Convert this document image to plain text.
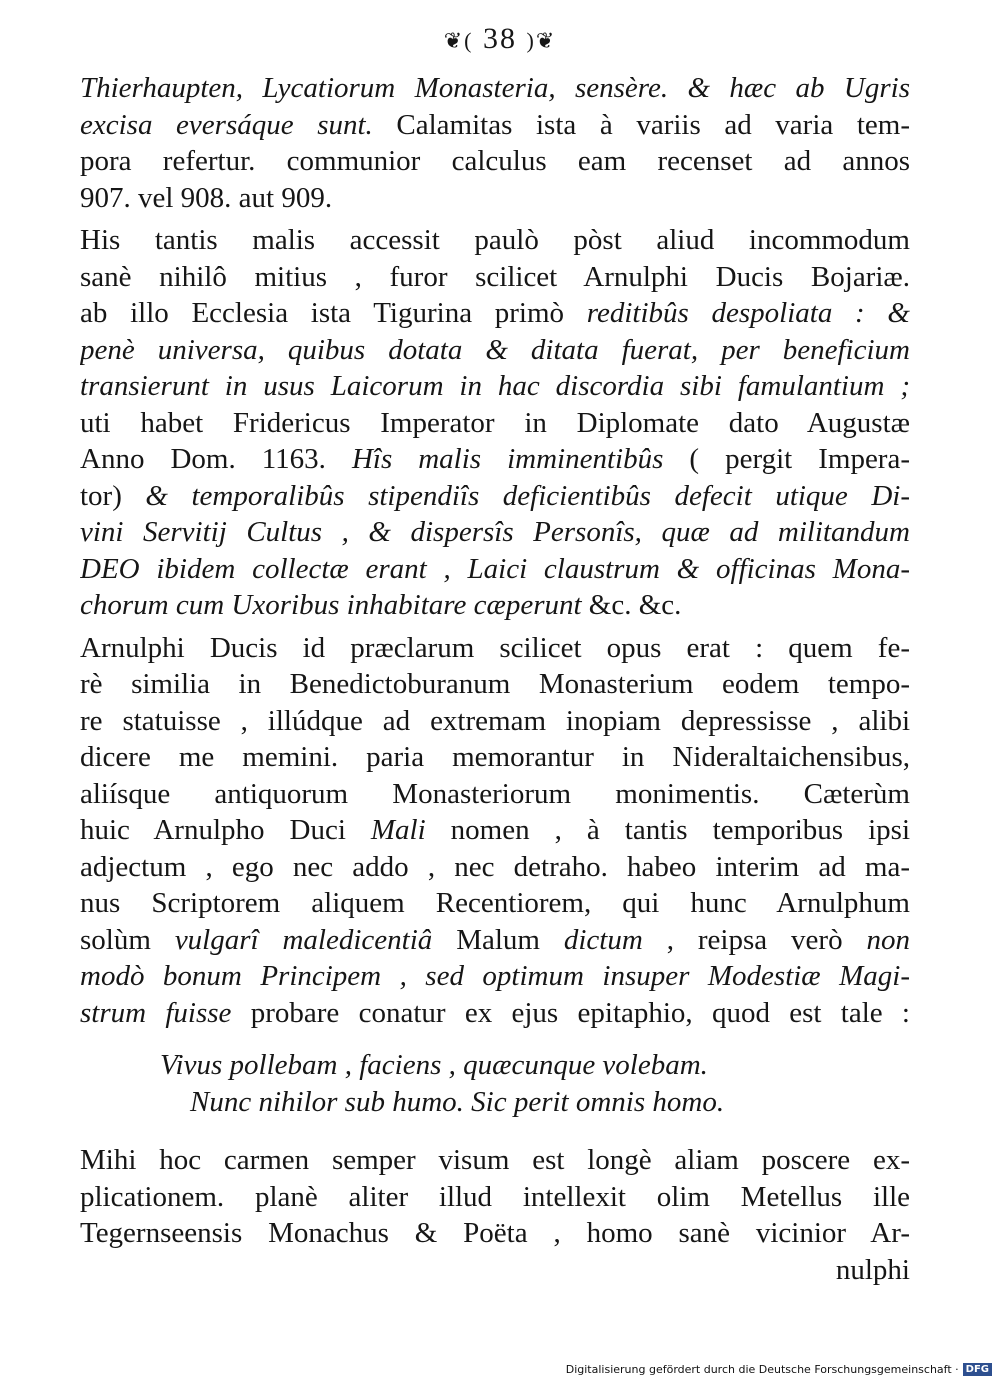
❦( 38 )❦
Thierhaupten, Lycatiorum Monasteria, sensère. & hæc ab Ugris
excisa eversáque sunt. Calamitas ista à variis ad varia tem-
pora refertur. communior calculus eam recenset ad annos
907. vel 908. aut 909.
His tantis malis accessit paulò pòst aliud incommodum
sanè nihilô mitius , furor scilicet Arnulphi Ducis Bojariæ.
ab illo Ecclesia ista Tigurina primò reditibûs despoliata : &
penè universa, quibus dotata & ditata fuerat, per beneficium
transierunt in usus Laicorum in hac discordia sibi famulantium ;
uti habet Fridericus Imperator in Diplomate dato Augustæ
Anno Dom. 1163. Hîs malis imminentibûs ( pergit Impera-
tor) & temporalibûs stipendiîs deficientibûs defecit utique Di-
vini Servitij Cultus , & dispersîs Personîs, quæ ad militandum
DEO ibidem collectæ erant , Laici claustrum & officinas Mona-
chorum cum Uxoribus inhabitare cæperunt &c. &c.
Arnulphi Ducis id præclarum scilicet opus erat : quem fe-
rè similia in Benedictoburanum Monasterium eodem tempo-
re statuisse , illúdque ad extremam inopiam depressisse , alibi
dicere me memini. paria memorantur in Nideraltaichensibus,
aliísque antiquorum Monasteriorum monimentis. Cæterùm
huic Arnulpho Duci Mali nomen , à tantis temporibus ipsi
adjectum , ego nec addo , nec detraho. habeo interim ad ma-
nus Scriptorem aliquem Recentiorem, qui hunc Arnulphum
solùm vulgarî maledicentiâ Malum dictum , reipsa verò non
modò bonum Principem , sed optimum insuper Modestiæ Magi-
strum fuisse probare conatur ex ejus epitaphio, quod est tale :
Vivus pollebam , faciens , quæcunque volebam.
Nunc nihilor sub humo. Sic perit omnis homo.
Mihi hoc carmen semper visum est longè aliam poscere ex-
plicationem. planè aliter illud intellexit olim Metellus ille
Tegernseensis Monachus & Poëta , homo sanè vicinior Ar-
nulphi
Digitalisierung gefördert durch die Deutsche Forschungsgemeinschaft · DFG
